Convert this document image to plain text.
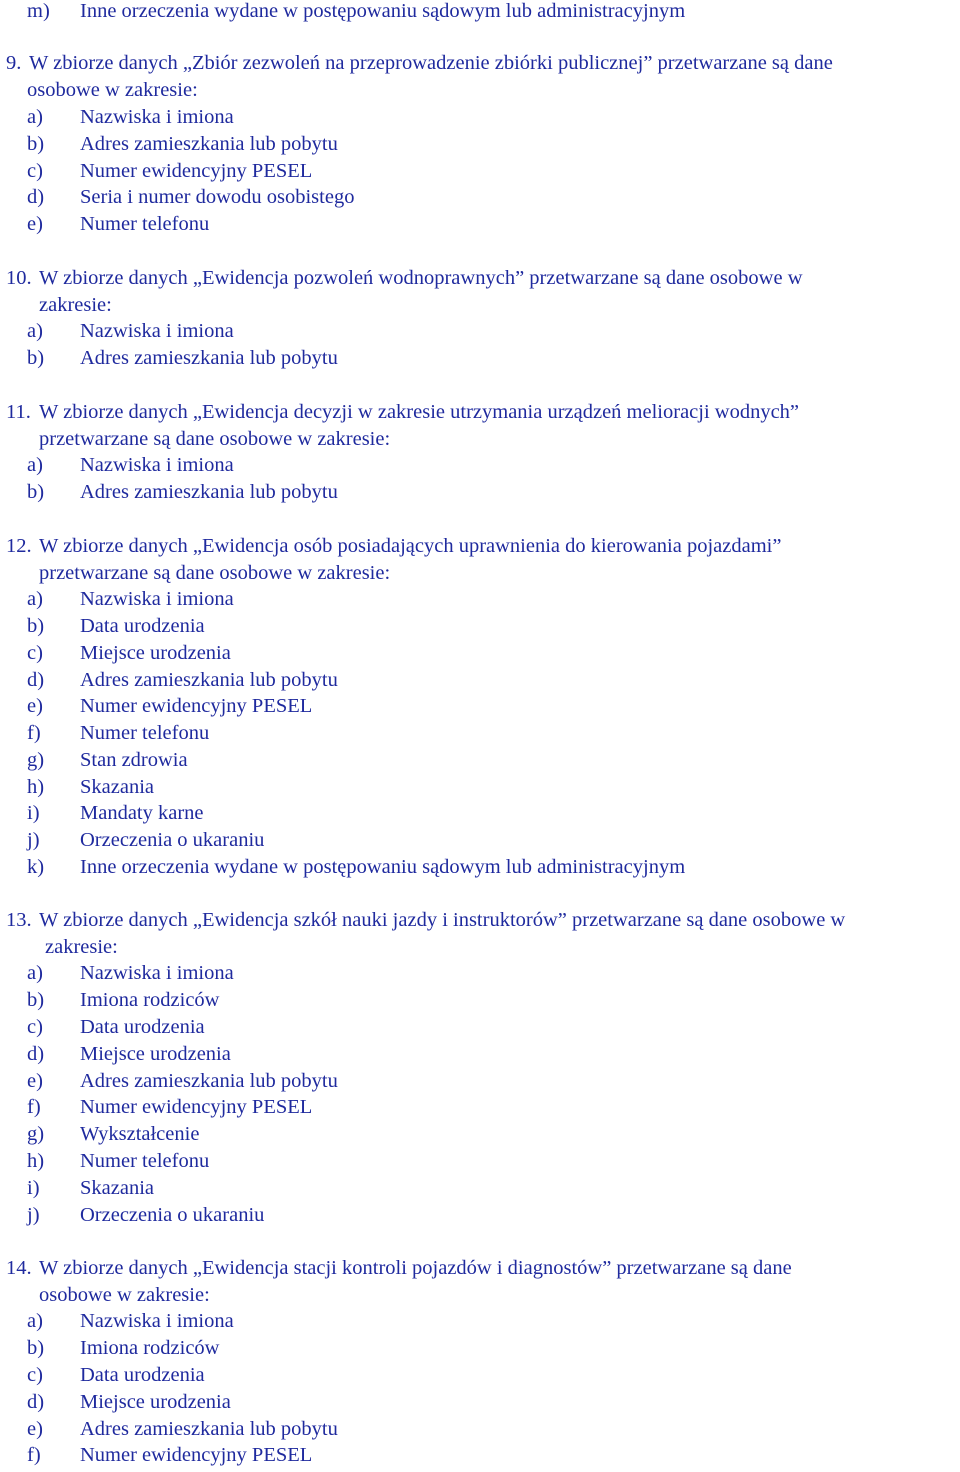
m) Inne orzeczenia wydane w postępowaniu sądowym lub administracyjnym
9. W zbiorze danych „Zbiór zezwoleń na przeprowadzenie zbiórki publicznej” przetwarzane są dane
osobowe w zakresie:
a) Nazwiska i imiona
b) Adres zamieszkania lub pobytu
c) Numer ewidencyjny PESEL
d) Seria i numer dowodu osobistego
e) Numer telefonu
10. W zbiorze danych „Ewidencja pozwoleń wodnoprawnych” przetwarzane są dane osobowe w
zakresie:
a) Nazwiska i imiona
b) Adres zamieszkania lub pobytu
11. W zbiorze danych „Ewidencja decyzji w zakresie utrzymania urządzeń melioracji wodnych”
przetwarzane są dane osobowe w zakresie:
a) Nazwiska i imiona
b) Adres zamieszkania lub pobytu
12. W zbiorze danych „Ewidencja osób posiadających uprawnienia do kierowania pojazdami”
przetwarzane są dane osobowe w zakresie:
a) Nazwiska i imiona
b) Data urodzenia
c) Miejsce urodzenia
d) Adres zamieszkania lub pobytu
e) Numer ewidencyjny PESEL
f) Numer telefonu
g) Stan zdrowia
h) Skazania
i) Mandaty karne
j) Orzeczenia o ukaraniu
k) Inne orzeczenia wydane w postępowaniu sądowym lub administracyjnym
13. W zbiorze danych „Ewidencja szkół nauki jazdy i instruktorów” przetwarzane są dane osobowe w
zakresie:
a) Nazwiska i imiona
b) Imiona rodziców
c) Data urodzenia
d) Miejsce urodzenia
e) Adres zamieszkania lub pobytu
f) Numer ewidencyjny PESEL
g) Wykształcenie
h) Numer telefonu
i) Skazania
j) Orzeczenia o ukaraniu
14. W zbiorze danych „Ewidencja stacji kontroli pojazdów i diagnostów” przetwarzane są dane
osobowe w zakresie:
a) Nazwiska i imiona
b) Imiona rodziców
c) Data urodzenia
d) Miejsce urodzenia
e) Adres zamieszkania lub pobytu
f) Numer ewidencyjny PESEL
